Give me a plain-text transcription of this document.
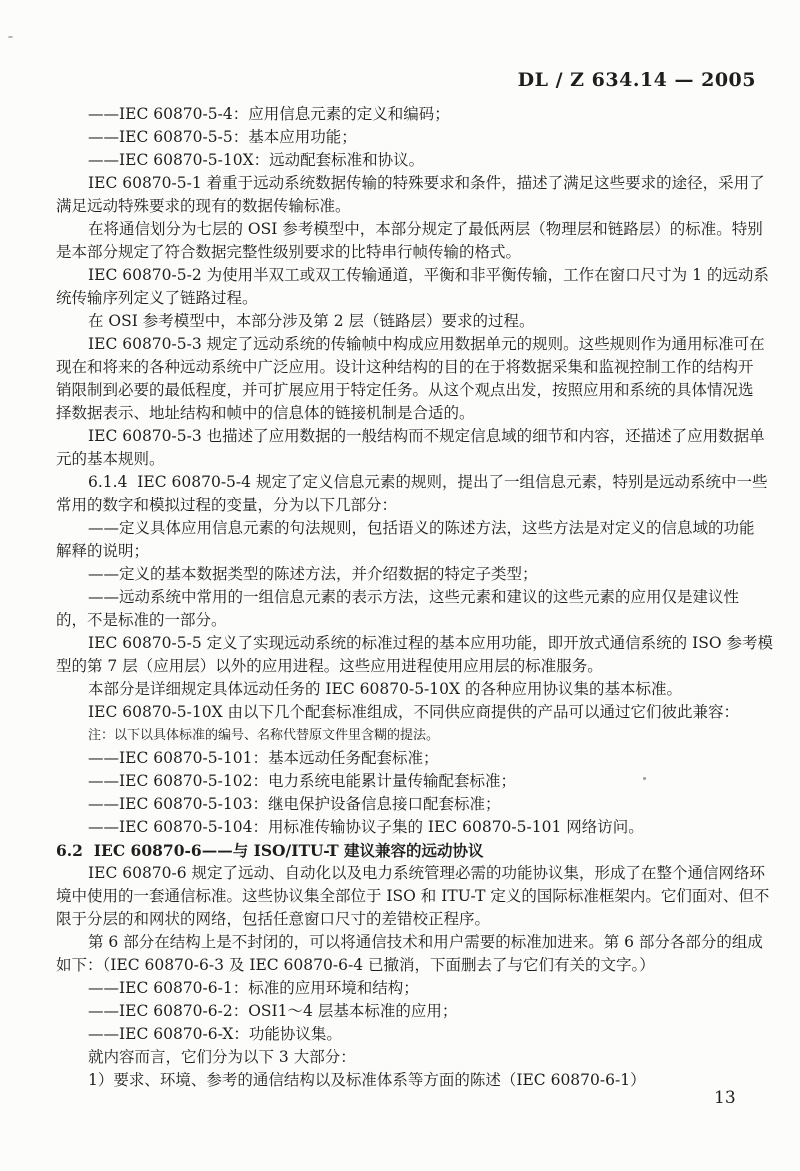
DL / Z 634.14 — 2005
——IEC 60870-5-4：应用信息元素的定义和编码；
——IEC 60870-5-5：基本应用功能；
——IEC 60870-5-10X：远动配套标准和协议。
IEC 60870-5-1 着重于远动系统数据传输的特殊要求和条件，描述了满足这些要求的途径，采用了
满足远动特殊要求的现有的数据传输标准。
在将通信划分为七层的 OSI 参考模型中，本部分规定了最低两层（物理层和链路层）的标准。特别
是本部分规定了符合数据完整性级别要求的比特串行帧传输的格式。
IEC 60870-5-2 为使用半双工或双工传输通道，平衡和非平衡传输，工作在窗口尺寸为 1 的远动系
统传输序列定义了链路过程。
在 OSI 参考模型中，本部分涉及第 2 层（链路层）要求的过程。
IEC 60870-5-3 规定了远动系统的传输帧中构成应用数据单元的规则。这些规则作为通用标准可在
现在和将来的各种远动系统中广泛应用。设计这种结构的目的在于将数据采集和监视控制工作的结构开
销限制到必要的最低程度，并可扩展应用于特定任务。从这个观点出发，按照应用和系统的具体情况选
择数据表示、地址结构和帧中的信息体的链接机制是合适的。
IEC 60870-5-3 也描述了应用数据的一般结构而不规定信息域的细节和内容，还描述了应用数据单
元的基本规则。
6.1.4  IEC 60870-5-4 规定了定义信息元素的规则，提出了一组信息元素，特别是远动系统中一些
常用的数字和模拟过程的变量，分为以下几部分：
——定义具体应用信息元素的句法规则，包括语义的陈述方法，这些方法是对定义的信息域的功能
解释的说明；
——定义的基本数据类型的陈述方法，并介绍数据的特定子类型；
——远动系统中常用的一组信息元素的表示方法，这些元素和建议的这些元素的应用仅是建议性
的，不是标准的一部分。
IEC 60870-5-5 定义了实现远动系统的标准过程的基本应用功能，即开放式通信系统的 ISO 参考模
型的第 7 层（应用层）以外的应用进程。这些应用进程使用应用层的标准服务。
本部分是详细规定具体远动任务的 IEC 60870-5-10X 的各种应用协议集的基本标准。
IEC 60870-5-10X 由以下几个配套标准组成，不同供应商提供的产品可以通过它们彼此兼容：
注：以下以具体标准的编号、名称代替原文件里含糊的提法。
——IEC 60870-5-101：基本远动任务配套标准；
——IEC 60870-5-102：电力系统电能累计量传输配套标准；
——IEC 60870-5-103：继电保护设备信息接口配套标准；
——IEC 60870-5-104：用标准传输协议子集的 IEC 60870-5-101 网络访问。
6.2  IEC 60870-6——与 ISO/ITU-T 建议兼容的远动协议
IEC 60870-6 规定了远动、自动化以及电力系统管理必需的功能协议集，形成了在整个通信网络环
境中使用的一套通信标准。这些协议集全部位于 ISO 和 ITU-T 定义的国际标准框架内。它们面对、但不
限于分层的和网状的网络，包括任意窗口尺寸的差错校正程序。
第 6 部分在结构上是不封闭的，可以将通信技术和用户需要的标准加进来。第 6 部分各部分的组成
如下：（IEC 60870-6-3 及 IEC 60870-6-4 已撤消，下面删去了与它们有关的文字。）
——IEC 60870-6-1：标准的应用环境和结构；
——IEC 60870-6-2：OSI1～4 层基本标准的应用；
——IEC 60870-6-X：功能协议集。
就内容而言，它们分为以下 3 大部分：
1）要求、环境、参考的通信结构以及标准体系等方面的陈述（IEC 60870-6-1）
13
